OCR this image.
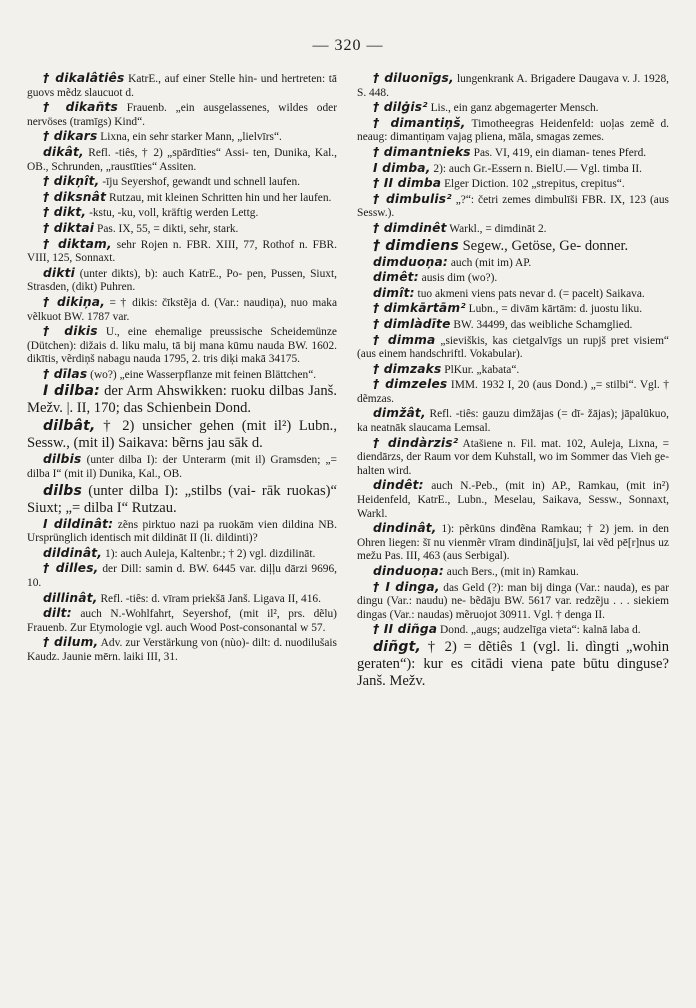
— 320 —

† dikalâtiês KatrE., auf einer Stelle hin- und hertreten: tā guovs mẽdz slaucuot d.

† dikañts Frauenb. „ein ausgelassenes, wildes oder nervöses (tramīgs) Kind“.

† dikars Lixna, ein sehr starker Mann, „lielvīrs“.

dikât, Refl. -tiês, † 2) „spārdīties“ Assi- ten, Dunika, Kal., OB., Schrunden, „raustīties“ Assiten.

† dikņît, -īju Seyershof, gewandt und schnell laufen.

† diksnât Rutzau, mit kleinen Schritten hin und her laufen.

† dikt, -kstu, -ku, voll, kräftig werden Lettg.

† diktai Pas. IX, 55, = dikti, sehr, stark.

† diktam, sehr Rojen n. FBR. XIII, 77, Rothof n. FBR. VIII, 125, Sonnaxt.

dikti (unter dikts), b): auch KatrE., Po- pen, Pussen, Siuxt, Strasden, (dikt) Puhren.

† dikiņa, = † dikis: čīkstẽja d. (Var.: naudiņa), nuo maka vẽlkuot BW. 1787 var.

† dikis U., eine ehemalige preussische Scheidemünze (Dütchen): dižais d. liku malu, tā bij mana kūmu nauda BW. 1602. dikītis, vẽrdiņš nabagu nauda 1795, 2. tris diķi makā 34175.

† dīlas (wo?) „eine Wasserpflanze mit feinen Blättchen“.

I dilba: der Arm Ahswikken: ruoku dilbas Janš. Mežv. |. II, 170; das Schienbein Dond.

dilbât, † 2) unsicher gehen (mit il²) Lubn., Sessw., (mit il) Saikava: bẽrns jau sāk d.

dilbis (unter dilba I): der Unterarm (mit il) Gramsden; „= dilba I“ (mit il) Dunika, Kal., OB.

dilbs (unter dilba I): „stilbs (vai- rāk ruokas)“ Siuxt; „= dilba I“ Rutzau.

I dildinât: zẽns pirktuo nazi pa ruokām vien dildina NB. Ursprünglich identisch mit dildināt II (li. dildinti)?

dildinât, 1): auch Auleja, Kaltenbr.; † 2) vgl. dizdilināt.

† dilles, der Dill: samin d. BW. 6445 var. diļļu dārzi 9696, 10.

dillinât, Refl. -tiês: d. vīram priekšā Janš. Ligava II, 416.

dilt: auch N.-Wohlfahrt, Seyershof, (mit il², prs. dẽlu) Frauenb. Zur Etymologie vgl. auch Wood Post-consonantal w 57.

† dilum, Adv. zur Verstärkung von (nùo)- dilt: d. nuodilušais Kaudz. Jaunie mērn. laiki III, 31.

† diluonīgs, lungenkrank A. Brigadere Daugava v. J. 1928, S. 448.

† dilġis² Lis., ein ganz abgemagerter Mensch.

† dimantiņš, Timotheegras Heidenfeld: uoļas zemẽ d. neaug: dimantiņam vajag pliena, māla, smagas zemes.

† dimantnieks Pas. VI, 419, ein diaman- tenes Pferd.

I dimba, 2): auch Gr.-Essern n. BielU.— Vgl. timba II.

† II dimba Elger Diction. 102 „strepitus, crepitus“.

† dimbulis² „?“: četri zemes dimbulīši FBR. IX, 123 (aus Sessw.).

† dimdinêt Warkl., = dimdināt 2.

† dimdiens Segew., Getöse, Ge- donner.

dimduoņa: auch (mit im) AP.

dimêt: ausis dim (wo?).

dimît: tuo akmeni viens pats nevar d. (= pacelt) Saikava.

† dimkārtām² Lubn., = divām kārtām: d. juostu liku.

† dimlàdīte BW. 34499, das weibliche Schamglied.

† dimma „sieviškis, kas cietgalvīgs un rupjš pret visiem“ (aus einem handschriftl. Vokabular).

† dimzaks PlKur. „kabata“.

† dimzeles IMM. 1932 I, 20 (aus Dond.) „= stilbi“. Vgl. † dẽmzas.

dimžât, Refl. -tiês: gauzu dimžājas (= dī- žājas); jāpalūkuo, ka neatnāk slaucama Lemsal.

† dindàrzis² Atašiene n. Fil. mat. 102, Auleja, Lixna, = diendārzs, der Raum vor dem Kuhstall, wo im Sommer das Vieh ge- halten wird.

dindêt: auch N.-Peb., (mit in) AP., Ramkau, (mit in²) Heidenfeld, KatrE., Lubn., Meselau, Saikava, Sessw., Sonnaxt, Warkl.

dindinât, 1): pẽrkūns dinđẽna Ramkau; † 2) jem. in den Ohren liegen: šī nu vienmẽr vīram dindinā[ju]sī, lai vẽd pē[r]nus uz mežu Pas. III, 463 (aus Serbigal).

dinduoņa: auch Bers., (mit in) Ramkau.

† I dinga, das Geld (?): man bij dinga (Var.: nauda), es par dingu (Var.: naudu) ne- bẽdāju BW. 5617 var. redzẽju . . . siekiem dingas (Var.: naudas) mẽruojot 30911. Vgl. † denga II.

† II diñga Dond. „augs; audzelīga vieta“: kalnā laba d.

diñgt, † 2) = dẽtiês 1 (vgl. li. dìngti „wohin geraten“): kur es citādi viena pate būtu dinguse? Janš. Mežv.
